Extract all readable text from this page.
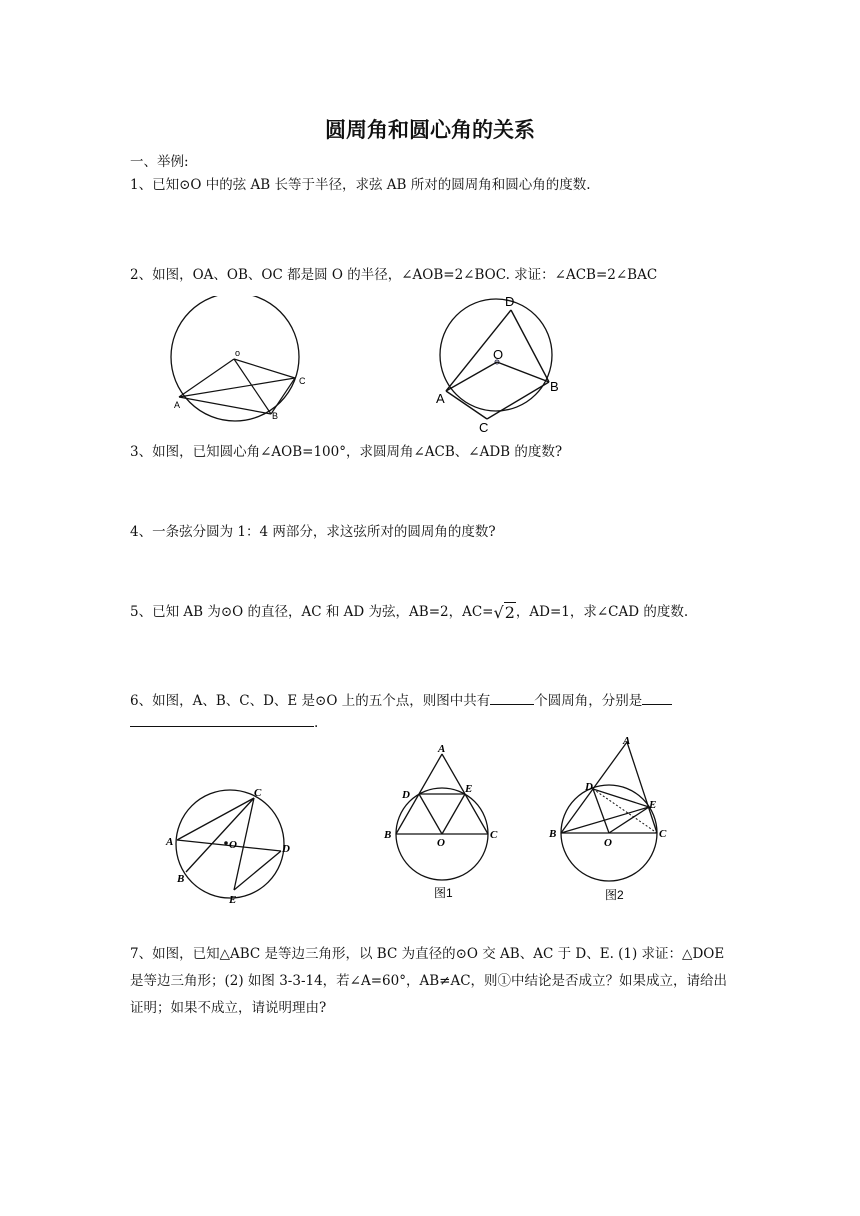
圆周角和圆心角的关系
一、举例:
1、已知⊙O 中的弦 AB 长等于半径，求弦 AB 所对的圆周角和圆心角的度数.
2、如图，OA、OB、OC 都是圆 O 的半径，∠AOB=2∠BOC. 求证：∠ACB=2∠BAC
o
A
B
C
D
O
A
B
C
3、如图，已知圆心角∠AOB=100°，求圆周角∠ACB、∠ADB 的度数?
4、一条弦分圆为 1：4 两部分，求这弦所对的圆周角的度数?
5、已知 AB 为⊙O 的直径，AC 和 AD 为弦，AB=2，AC=√2，AD=1，求∠CAD 的度数.
6、如图，A、B、C、D、E 是⊙O 上的五个点，则图中共有	个圆周角，分别是
.
O
C
A
D
B
E
A
D	E
B	C
O
图1
A
D
E
B	C
O
图2
7、如图，已知△ABC 是等边三角形，以 BC 为直径的⊙O 交 AB、AC 于 D、E. (1) 求证：△DOE 是等边三角形；(2) 如图 3-3-14，若∠A=60°，AB≠AC，则①中结论是否成立？如果成立，请给出证明；如果不成立，请说明理由?
